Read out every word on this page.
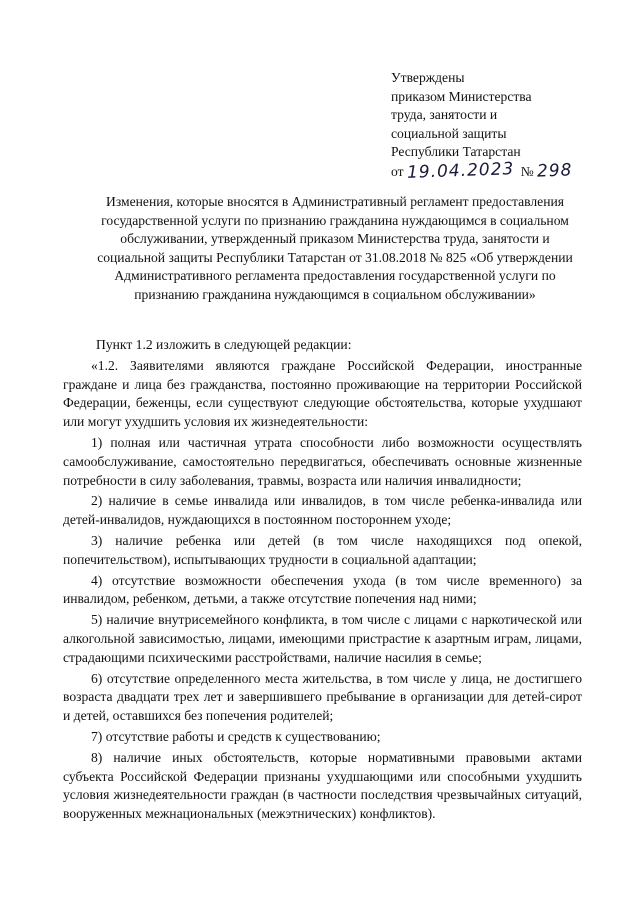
Утверждены
приказом Министерства
труда, занятости и
социальной защиты
Республики Татарстан
от 19.04.2023 № 298
Изменения, которые вносятся в Административный регламент предоставления государственной услуги по признанию гражданина нуждающимся в социальном обслуживании, утвержденный приказом Министерства труда, занятости и социальной защиты Республики Татарстан от 31.08.2018 № 825 «Об утверждении Административного регламента предоставления государственной услуги по признанию гражданина нуждающимся в социальном обслуживании»

Пункт 1.2 изложить в следующей редакции:

«1.2. Заявителями являются граждане Российской Федерации, иностранные граждане и лица без гражданства, постоянно проживающие на территории Российской Федерации, беженцы, если существуют следующие обстоятельства, которые ухудшают или могут ухудшить условия их жизнедеятельности:

1) полная или частичная утрата способности либо возможности осуществлять самообслуживание, самостоятельно передвигаться, обеспечивать основные жизненные потребности в силу заболевания, травмы, возраста или наличия инвалидности;

2) наличие в семье инвалида или инвалидов, в том числе ребенка-инвалида или детей-инвалидов, нуждающихся в постоянном постороннем уходе;

3) наличие ребенка или детей (в том числе находящихся под опекой, попечительством), испытывающих трудности в социальной адаптации;

4) отсутствие возможности обеспечения ухода (в том числе временного) за инвалидом, ребенком, детьми, а также отсутствие попечения над ними;

5) наличие внутрисемейного конфликта, в том числе с лицами с наркотической или алкогольной зависимостью, лицами, имеющими пристрастие к азартным играм, лицами, страдающими психическими расстройствами, наличие насилия в семье;

6) отсутствие определенного места жительства, в том числе у лица, не достигшего возраста двадцати трех лет и завершившего пребывание в организации для детей-сирот и детей, оставшихся без попечения родителей;

7) отсутствие работы и средств к существованию;

8) наличие иных обстоятельств, которые нормативными правовыми актами субъекта Российской Федерации признаны ухудшающими или способными ухудшить условия жизнедеятельности граждан (в частности последствия чрезвычайных ситуаций, вооруженных межнациональных (межэтнических) конфликтов).
